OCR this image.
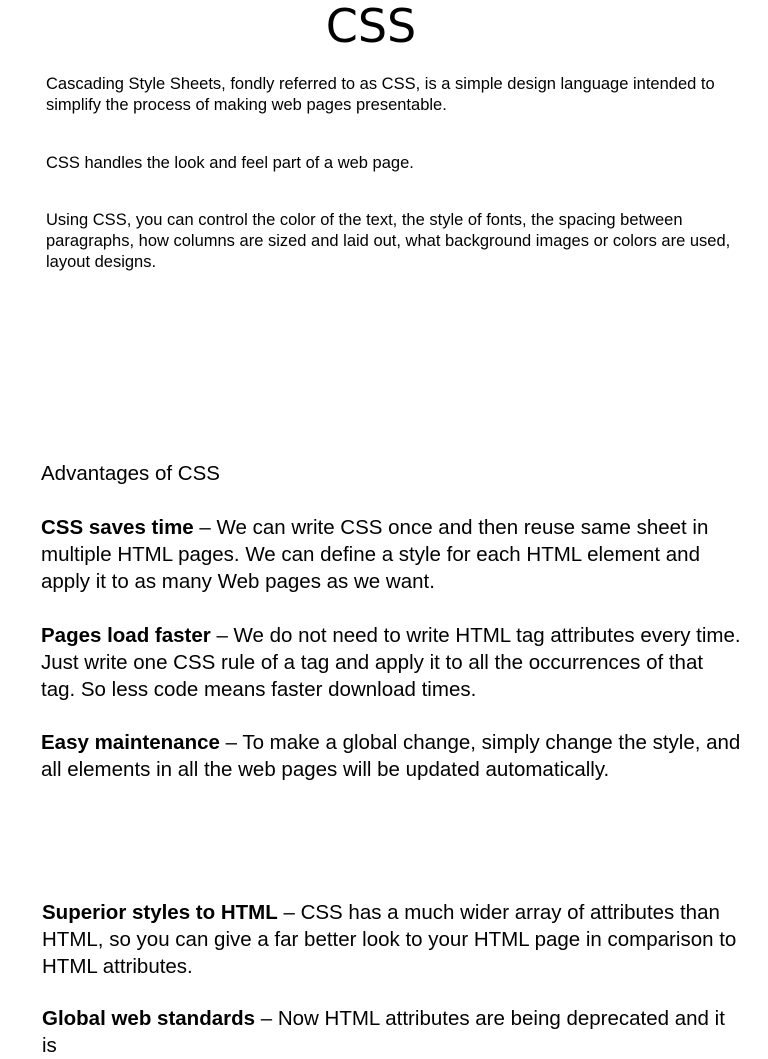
CSS
Cascading Style Sheets, fondly referred to as CSS, is a simple design language intended to simplify the process of making web pages presentable.
CSS handles the look and feel part of a web page.
Using CSS, you can control the color of the text, the style of fonts, the spacing between paragraphs, how columns are sized and laid out, what background images or colors are used, layout designs.
Advantages of CSS
CSS saves time – We can write CSS once and then reuse same sheet in multiple HTML pages. We can define a style for each HTML element and apply it to as many Web pages as we want.
Pages load faster – We do not need to write HTML tag attributes every time. Just write one CSS rule of a tag and apply it to all the occurrences of that tag. So less code means faster download times.
Easy maintenance – To make a global change, simply change the style, and all elements in all the web pages will be updated automatically.
Superior styles to HTML – CSS has a much wider array of attributes than HTML, so you can give a far better look to your HTML page in comparison to HTML attributes.
Global web standards – Now HTML attributes are being deprecated and it is
